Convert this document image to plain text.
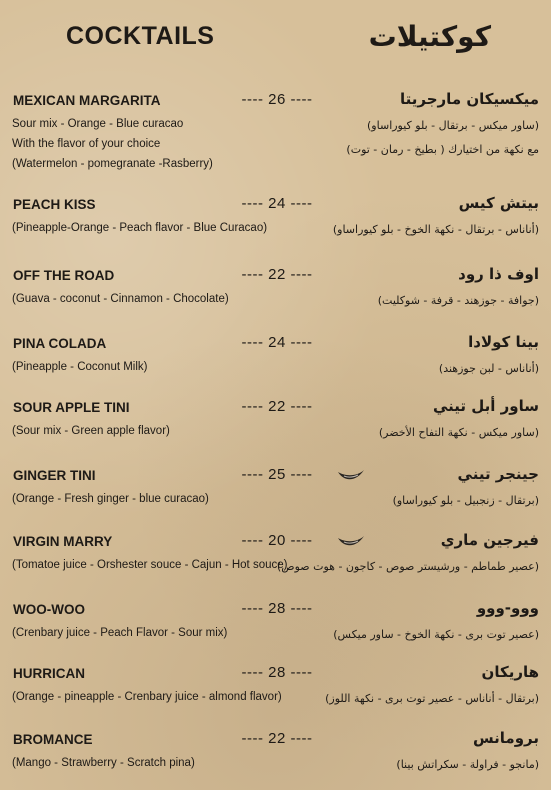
COCKTAILS	كوكتيلات
MEXICAN MARGARITA	---- 26 ----
Sour mix - Orange - Blue curacao
With the flavor of your choice
(Watermelon - pomegranate -Rasberry)
ميكسيكان مارجريتا
(ساور ميكس - برتقال - بلو كيوراساو)
مع نكهة من اختيارك ( بطيخ - رمان - توت)
PEACH KISS	---- 24 ----
(Pineapple-Orange - Peach flavor - Blue Curacao)
بيتش كيس
(أناناس - برتقال - نكهة الخوخ - بلو كيوراساو)
OFF THE ROAD	---- 22 ----
(Guava - coconut - Cinnamon - Chocolate)
اوف ذا رود
(جوافة - جوزهند - قرفة - شوكليت)
PINA COLADA	---- 24 ----
(Pineapple - Coconut Milk)
بينا كولادا
(أناناس - لبن جوزهند)
SOUR APPLE TINI	---- 22 ----
(Sour mix - Green apple flavor)
ساور أبل تيني
(ساور ميكس - نكهة التفاح الأخضر)
GINGER TINI	---- 25 ----
(Orange - Fresh ginger - blue curacao)
جينجر تيني
(برتقال - زنجبيل - بلو كيوراساو)
VIRGIN MARRY	---- 20 ----
(Tomatoe juice - Orshester souce - Cajun - Hot souce)
فيرجين ماري
(عصير طماطم - ورشيستر صوص - كاجون - هوت صوص)
WOO-WOO	---- 28 ----
(Crenbary juice - Peach Flavor - Sour mix)
ووو-ووو
(عصير توت برى - نكهة الخوخ - ساور ميكس)
HURRICAN	---- 28 ----
(Orange - pineapple - Crenbary juice - almond flavor)
هاريكان
(برتقال - أناناس - عصير توت برى - نكهة اللوز)
BROMANCE	---- 22 ----
(Mango - Strawberry - Scratch pina)
برومانس
(مانجو - فراولة - سكراتش بينا)
